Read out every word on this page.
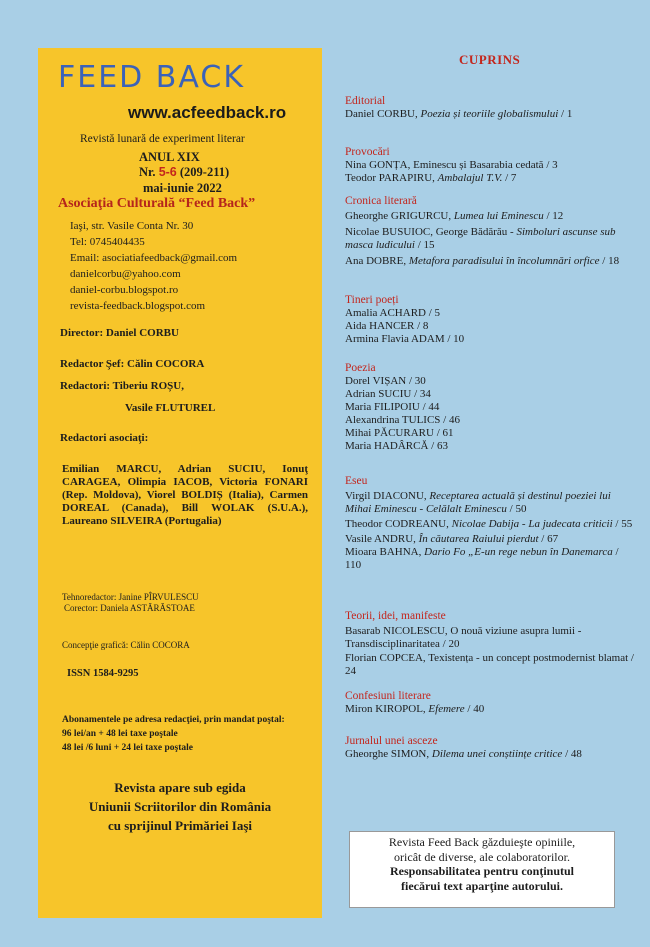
FEED BACK
www.acfeedback.ro
Revistă lunară de experiment literar
ANUL XIX
Nr. 5-6 (209-211)
mai-iunie 2022
Asociaţia Culturală “Feed Back”
Iaşi, str. Vasile Conta Nr. 30
Tel: 0745404435
Email: asociatiafeedback@gmail.com
danielcorbu@yahoo.com
daniel-corbu.blogspot.ro
revista-feedback.blogspot.com
Director: Daniel CORBU
Redactor Şef: Călin COCORA
Redactori: Tiberiu ROȘU,
Vasile FLUTUREL
Redactori asociaţi:
Emilian MARCU, Adrian SUCIU, Ionuţ CARAGEA, Olimpia IACOB, Victoria FONARI (Rep. Moldova), Viorel BOLDIȘ (Italia), Carmen DOREAL (Canada), Bill WOLAK (S.U.A.), Laureano SILVEIRA (Portugalia)
Tehnoredactor: Janine PÎRVULESCU
Corector: Daniela ASTĂRĂSTOAE
Concepţie grafică: Călin COCORA
ISSN 1584-9295
Abonamentele pe adresa redacţiei, prin mandat poştal:
96 lei/an + 48 lei taxe poştale
48 lei /6 luni + 24 lei taxe poştale
Revista apare sub egida
Uniunii Scriitorilor din România
cu sprijinul Primăriei Iaşi
CUPRINS
Editorial
Daniel CORBU, Poezia și teoriile globalismului / 1
Provocări
Nina GONȚA, Eminescu și Basarabia cedată / 3
Teodor PARAPIRU, Ambalajul T.V. / 7
Cronica literară
Gheorghe GRIGURCU, Lumea lui Eminescu / 12
Nicolae BUSUIOC, George Bădărău - Simboluri ascunse sub masca ludicului / 15
Ana DOBRE, Metafora paradisului în încolumnări orfice / 18
Tineri poeți
Amalia ACHARD / 5
Aida HANCER / 8
Armina Flavia ADAM / 10
Poezia
Dorel VIȘAN / 30
Adrian SUCIU / 34
Maria FILIPOIU / 44
Alexandrina TULICS / 46
Mihai PĂCURARU / 61
Maria HADÂRCĂ / 63
Eseu
Virgil DIACONU, Receptarea actuală și destinul poeziei lui Mihai Eminescu - Celălalt Eminescu / 50
Theodor CODREANU, Nicolae Dabija - La judecata criticii / 55
Vasile ANDRU, În căutarea Raiului pierdut / 67
Mioara BAHNA, Dario Fo „E-un rege nebun în Danemarca / 110
Teorii, idei, manifeste
Basarab NICOLESCU, O nouă viziune asupra lumii - Transdisciplinaritatea / 20
Florian COPCEA, Texistența - un concept postmodernist blamat / 24
Confesiuni literare
Miron KIROPOL, Efemere / 40
Jurnalul unei asceze
Gheorghe SIMON, Dilema unei conștiințe critice / 48
Revista Feed Back găzduieşte opiniile,
oricât de diverse, ale colaboratorilor.
Responsabilitatea pentru conţinutul
fiecărui text aparţine autorului.
